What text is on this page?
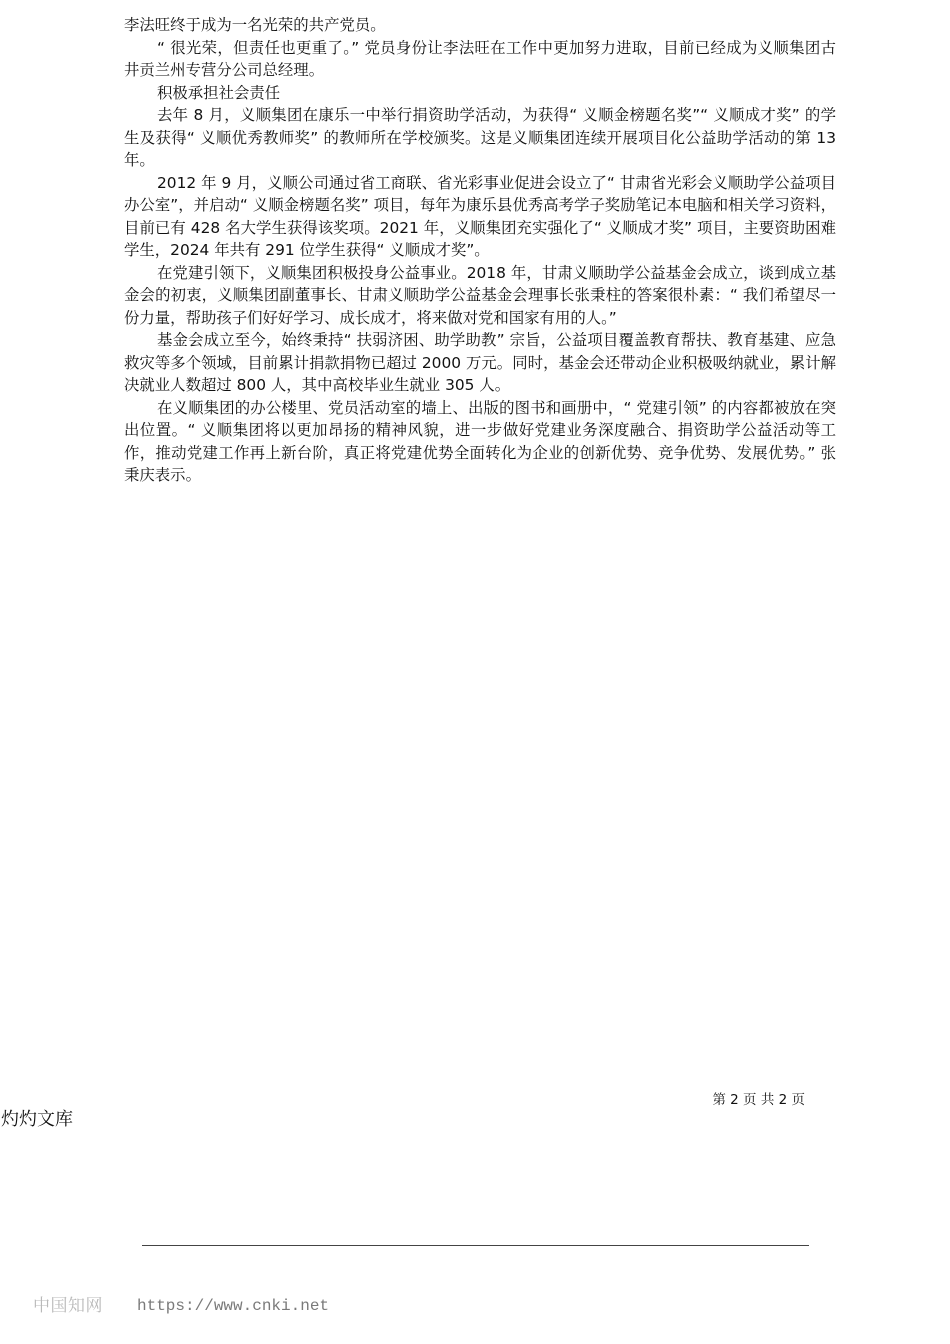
李法旺终于成为一名光荣的共产党员。

“ 很光荣，但责任也更重了。” 党员身份让李法旺在工作中更加努力进取，目前已经成为义顺集团古井贡兰州专营分公司总经理。

积极承担社会责任

去年 8 月，义顺集团在康乐一中举行捐资助学活动，为获得“ 义顺金榜题名奖”“ 义顺成才奖” 的学生及获得“ 义顺优秀教师奖” 的教师所在学校颁奖。这是义顺集团连续开展项目化公益助学活动的第 13 年。

2012 年 9 月，义顺公司通过省工商联、省光彩事业促进会设立了“ 甘肃省光彩会义顺助学公益项目办公室”，并启动“ 义顺金榜题名奖” 项目，每年为康乐县优秀高考学子奖励笔记本电脑和相关学习资料，目前已有 428 名大学生获得该奖项。2021 年，义顺集团充实强化了“ 义顺成才奖” 项目，主要资助困难学生，2024 年共有 291 位学生获得“ 义顺成才奖”。

在党建引领下，义顺集团积极投身公益事业。2018 年，甘肃义顺助学公益基金会成立，谈到成立基金会的初衷，义顺集团副董事长、甘肃义顺助学公益基金会理事长张秉柱的答案很朴素：“ 我们希望尽一份力量，帮助孩子们好好学习、成长成才，将来做对党和国家有用的人。”

基金会成立至今，始终秉持“ 扶弱济困、助学助教” 宗旨，公益项目覆盖教育帮扶、教育基建、应急救灾等多个领域，目前累计捐款捐物已超过 2000 万元。同时，基金会还带动企业积极吸纳就业，累计解决就业人数超过 800 人，其中高校毕业生就业 305 人。

在义顺集团的办公楼里、党员活动室的墙上、出版的图书和画册中，“ 党建引领” 的内容都被放在突出位置。“ 义顺集团将以更加昂扬的精神风貌，进一步做好党建业务深度融合、捐资助学公益活动等工作，推动党建工作再上新台阶，真正将党建优势全面转化为企业的创新优势、竞争优势、发展优势。” 张秉庆表示。

第 2 页 共 2 页
灼灼文库
中国知网 https://www.cnki.net
